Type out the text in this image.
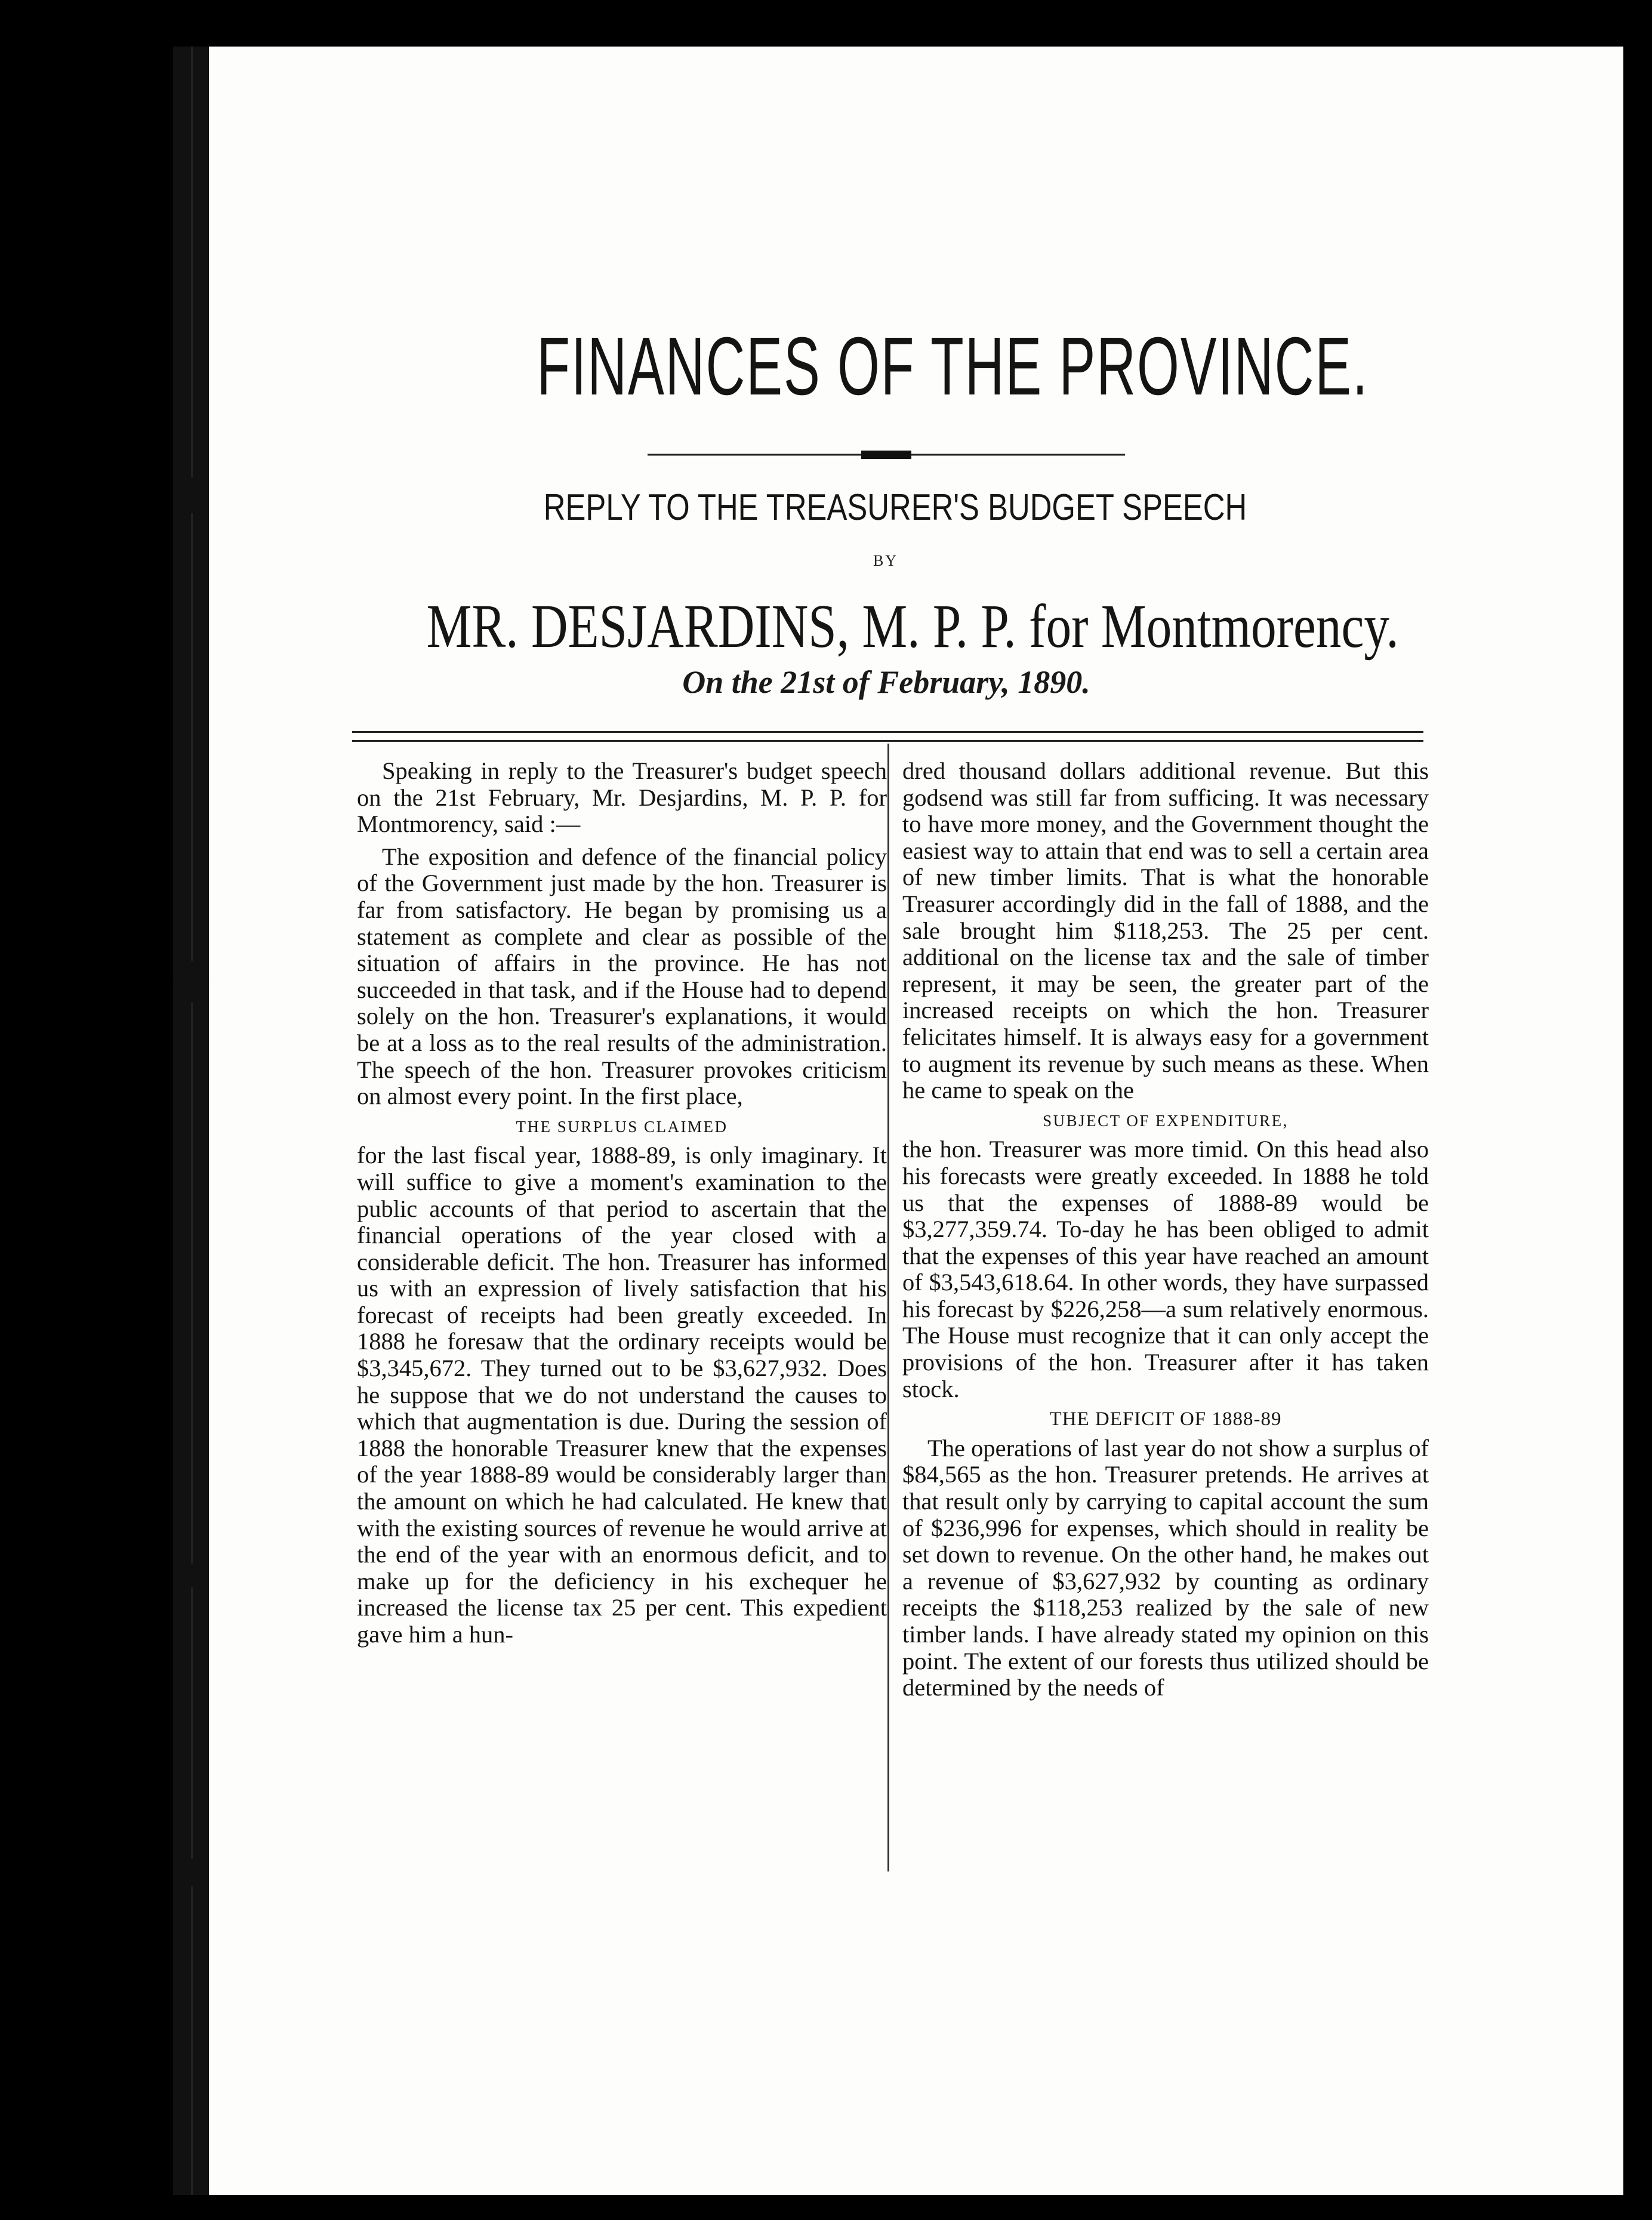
FINANCES OF THE PROVINCE.
REPLY TO THE TREASURER'S BUDGET SPEECH
BY
MR. DESJARDINS, M. P. P. for Montmorency.
On the 21st of February, 1890.

Speaking in reply to the Treasurer's budget speech on the 21st February, Mr. Desjardins, M. P. P. for Montmorency, said :—

The exposition and defence of the financial policy of the Government just made by the hon. Treasurer is far from satisfactory. He began by promising us a statement as complete and clear as possible of the situation of affairs in the province. He has not succeeded in that task, and if the House had to depend solely on the hon. Treasurer's explanations, it would be at a loss as to the real results of the administration. The speech of the hon. Treasurer provokes criticism on almost every point. In the first place,

THE SURPLUS CLAIMED

for the last fiscal year, 1888-89, is only imaginary. It will suffice to give a moment's examination to the public accounts of that period to ascertain that the financial operations of the year closed with a considerable deficit. The hon. Treasurer has informed us with an expression of lively satisfaction that his forecast of receipts had been greatly exceeded. In 1888 he foresaw that the ordinary receipts would be $3,345,672. They turned out to be $3,627,932. Does he suppose that we do not understand the causes to which that augmentation is due. During the session of 1888 the honorable Treasurer knew that the expenses of the year 1888-89 would be considerably larger than the amount on which he had calculated. He knew that with the existing sources of revenue he would arrive at the end of the year with an enormous deficit, and to make up for the deficiency in his exchequer he increased the license tax 25 per cent. This expedient gave him a hun-

dred thousand dollars additional revenue. But this godsend was still far from sufficing. It was necessary to have more money, and the Government thought the easiest way to attain that end was to sell a certain area of new timber limits. That is what the honorable Treasurer accordingly did in the fall of 1888, and the sale brought him $118,253. The 25 per cent. additional on the license tax and the sale of timber represent, it may be seen, the greater part of the increased receipts on which the hon. Treasurer felicitates himself. It is always easy for a government to augment its revenue by such means as these. When he came to speak on the

SUBJECT OF EXPENDITURE,

the hon. Treasurer was more timid. On this head also his forecasts were greatly exceeded. In 1888 he told us that the expenses of 1888-89 would be $3,277,359.74. To-day he has been obliged to admit that the expenses of this year have reached an amount of $3,543,618.64. In other words, they have surpassed his forecast by $226,258—a sum relatively enormous. The House must recognize that it can only accept the provisions of the hon. Treasurer after it has taken stock.

THE DEFICIT OF 1888-89

The operations of last year do not show a surplus of $84,565 as the hon. Treasurer pretends. He arrives at that result only by carrying to capital account the sum of $236,996 for expenses, which should in reality be set down to revenue. On the other hand, he makes out a revenue of $3,627,932 by counting as ordinary receipts the $118,253 realized by the sale of new timber lands. I have already stated my opinion on this point. The extent of our forests thus utilized should be determined by the needs of
